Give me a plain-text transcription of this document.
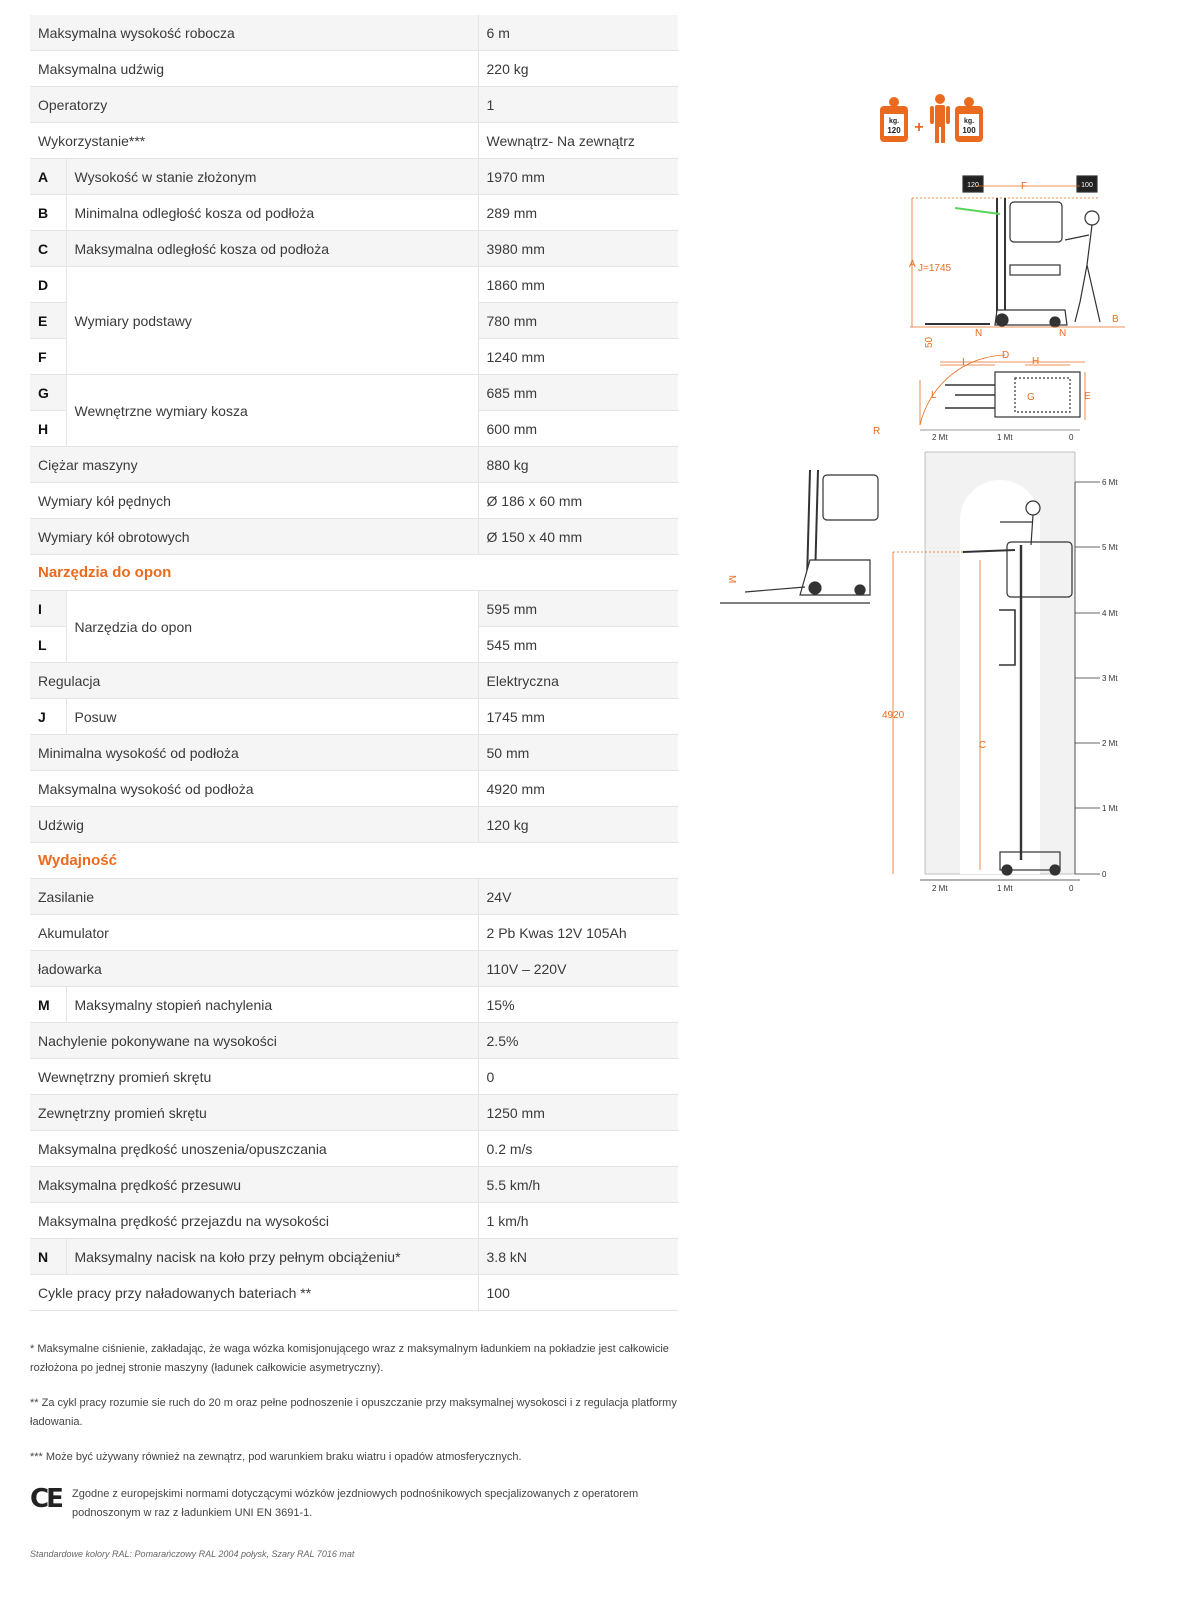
Maksymalna wysokość robocza		6 m
Maksymalna udźwig		220 kg
Operatorzy		1
Wykorzystanie***		Wewnątrz- Na zewnątrz
A	Wysokość w stanie złożonym	1970 mm
B	Minimalna odległość kosza od podłoża	289 mm
C	Maksymalna odległość kosza od podłoża	3980 mm
D	Wymiary podstawy	1860 mm
E		780 mm
F		1240 mm
G	Wewnętrzne wymiary kosza	685 mm
H		600 mm
Ciężar maszyny		880 kg
Wymiary kół pędnych		Ø 186 x 60 mm
Wymiary kół obrotowych		Ø 150 x 40 mm
Narzędzia do opon		
I	Narzędzia do opon	595 mm
L		545 mm
Regulacja		Elektryczna
J	Posuw	1745 mm
Minimalna wysokość od podłoża		50 mm
Maksymalna wysokość od podłoża		4920 mm
Udźwig		120 kg
Wydajność		
Zasilanie		24V
Akumulator		2 Pb Kwas 12V 105Ah
ładowarka		110V – 220V
M	Maksymalny stopień nachylenia	15%
Nachylenie pokonywane na wysokości		2.5%
Wewnętrzny promień skrętu		0
Zewnętrzny promień skrętu		1250 mm
Maksymalna prędkość unoszenia/opuszczania		0.2 m/s
Maksymalna prędkość przesuwu		5.5 km/h
Maksymalna prędkość przejazdu na wysokości		1 km/h
N	Maksymalny nacisk na koło przy pełnym obciążeniu*	3.8 kN
Cykle pracy przy naładowanych bateriach **		100
* Maksymalne ciśnienie, zakładając, że waga wózka komisjonującego wraz z maksymalnym ładunkiem na pokładzie jest całkowicie rozłożona po jednej stronie maszyny (ładunek całkowicie asymetryczny).
** Za cykl pracy rozumie sie ruch do 20 m oraz pełne podnoszenie i opuszczanie przy maksymalnej wysokosci i z regulacja platformy ładowania.
*** Może być używany również na zewnątrz, pod warunkiem braku wiatru i opadów atmosferycznych.
CE	Zgodne z europejskimi normami dotyczącymi wózków jezdniowych podnośnikowych specjalizowanych z operatorem podnoszonym w raz z ładunkiem UNI EN 3691-1.
Standardowe kolory RAL: Pomarańczowy RAL 2004 połysk, Szary RAL 7016 mat
kg.
120 +	kg.
100
120	100
A J=1745
F
B
N	N
50
D
I	H
L	G	E
R
2 Mt	1 Mt	0
M
4920
C
6 Mt
5 Mt
4 Mt
3 Mt
2 Mt
1 Mt
0
2 Mt	1 Mt	0
